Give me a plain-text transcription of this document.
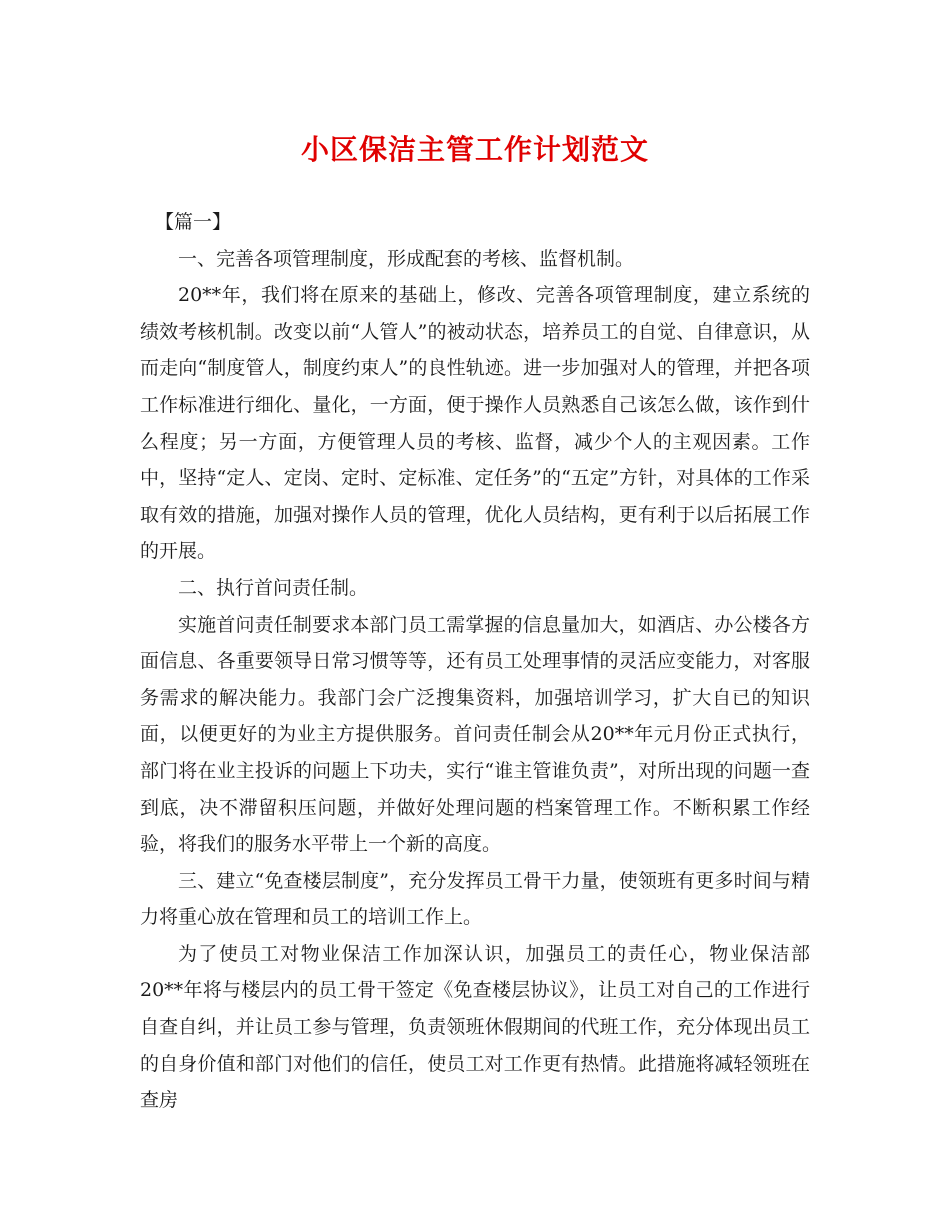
小区保洁主管工作计划范文

【篇一】

一、完善各项管理制度，形成配套的考核、监督机制。

20**年，我们将在原来的基础上，修改、完善各项管理制度，建立系统的绩效考核机制。改变以前“人管人”的被动状态，培养员工的自觉、自律意识，从而走向“制度管人，制度约束人”的良性轨迹。进一步加强对人的管理，并把各项工作标准进行细化、量化，一方面，便于操作人员熟悉自己该怎么做，该作到什么程度；另一方面，方便管理人员的考核、监督，减少个人的主观因素。工作中，坚持“定人、定岗、定时、定标准、定任务”的“五定”方针，对具体的工作采取有效的措施，加强对操作人员的管理，优化人员结构，更有利于以后拓展工作的开展。

二、执行首问责任制。

实施首问责任制要求本部门员工需掌握的信息量加大，如酒店、办公楼各方面信息、各重要领导日常习惯等等，还有员工处理事情的灵活应变能力，对客服务需求的解决能力。我部门会广泛搜集资料，加强培训学习，扩大自已的知识面，以便更好的为业主方提供服务。首问责任制会从20**年元月份正式执行，部门将在业主投诉的问题上下功夫，实行“谁主管谁负责”，对所出现的问题一查到底，决不滞留积压问题，并做好处理问题的档案管理工作。不断积累工作经验，将我们的服务水平带上一个新的高度。

三、建立“免查楼层制度”，充分发挥员工骨干力量，使领班有更多时间与精力将重心放在管理和员工的培训工作上。

为了使员工对物业保洁工作加深认识，加强员工的责任心，物业保洁部20**年将与楼层内的员工骨干签定《免查楼层协议》，让员工对自己的工作进行自查自纠，并让员工参与管理，负责领班休假期间的代班工作，充分体现出员工的自身价值和部门对他们的信任，使员工对工作更有热情。此措施将减轻领班在查房
